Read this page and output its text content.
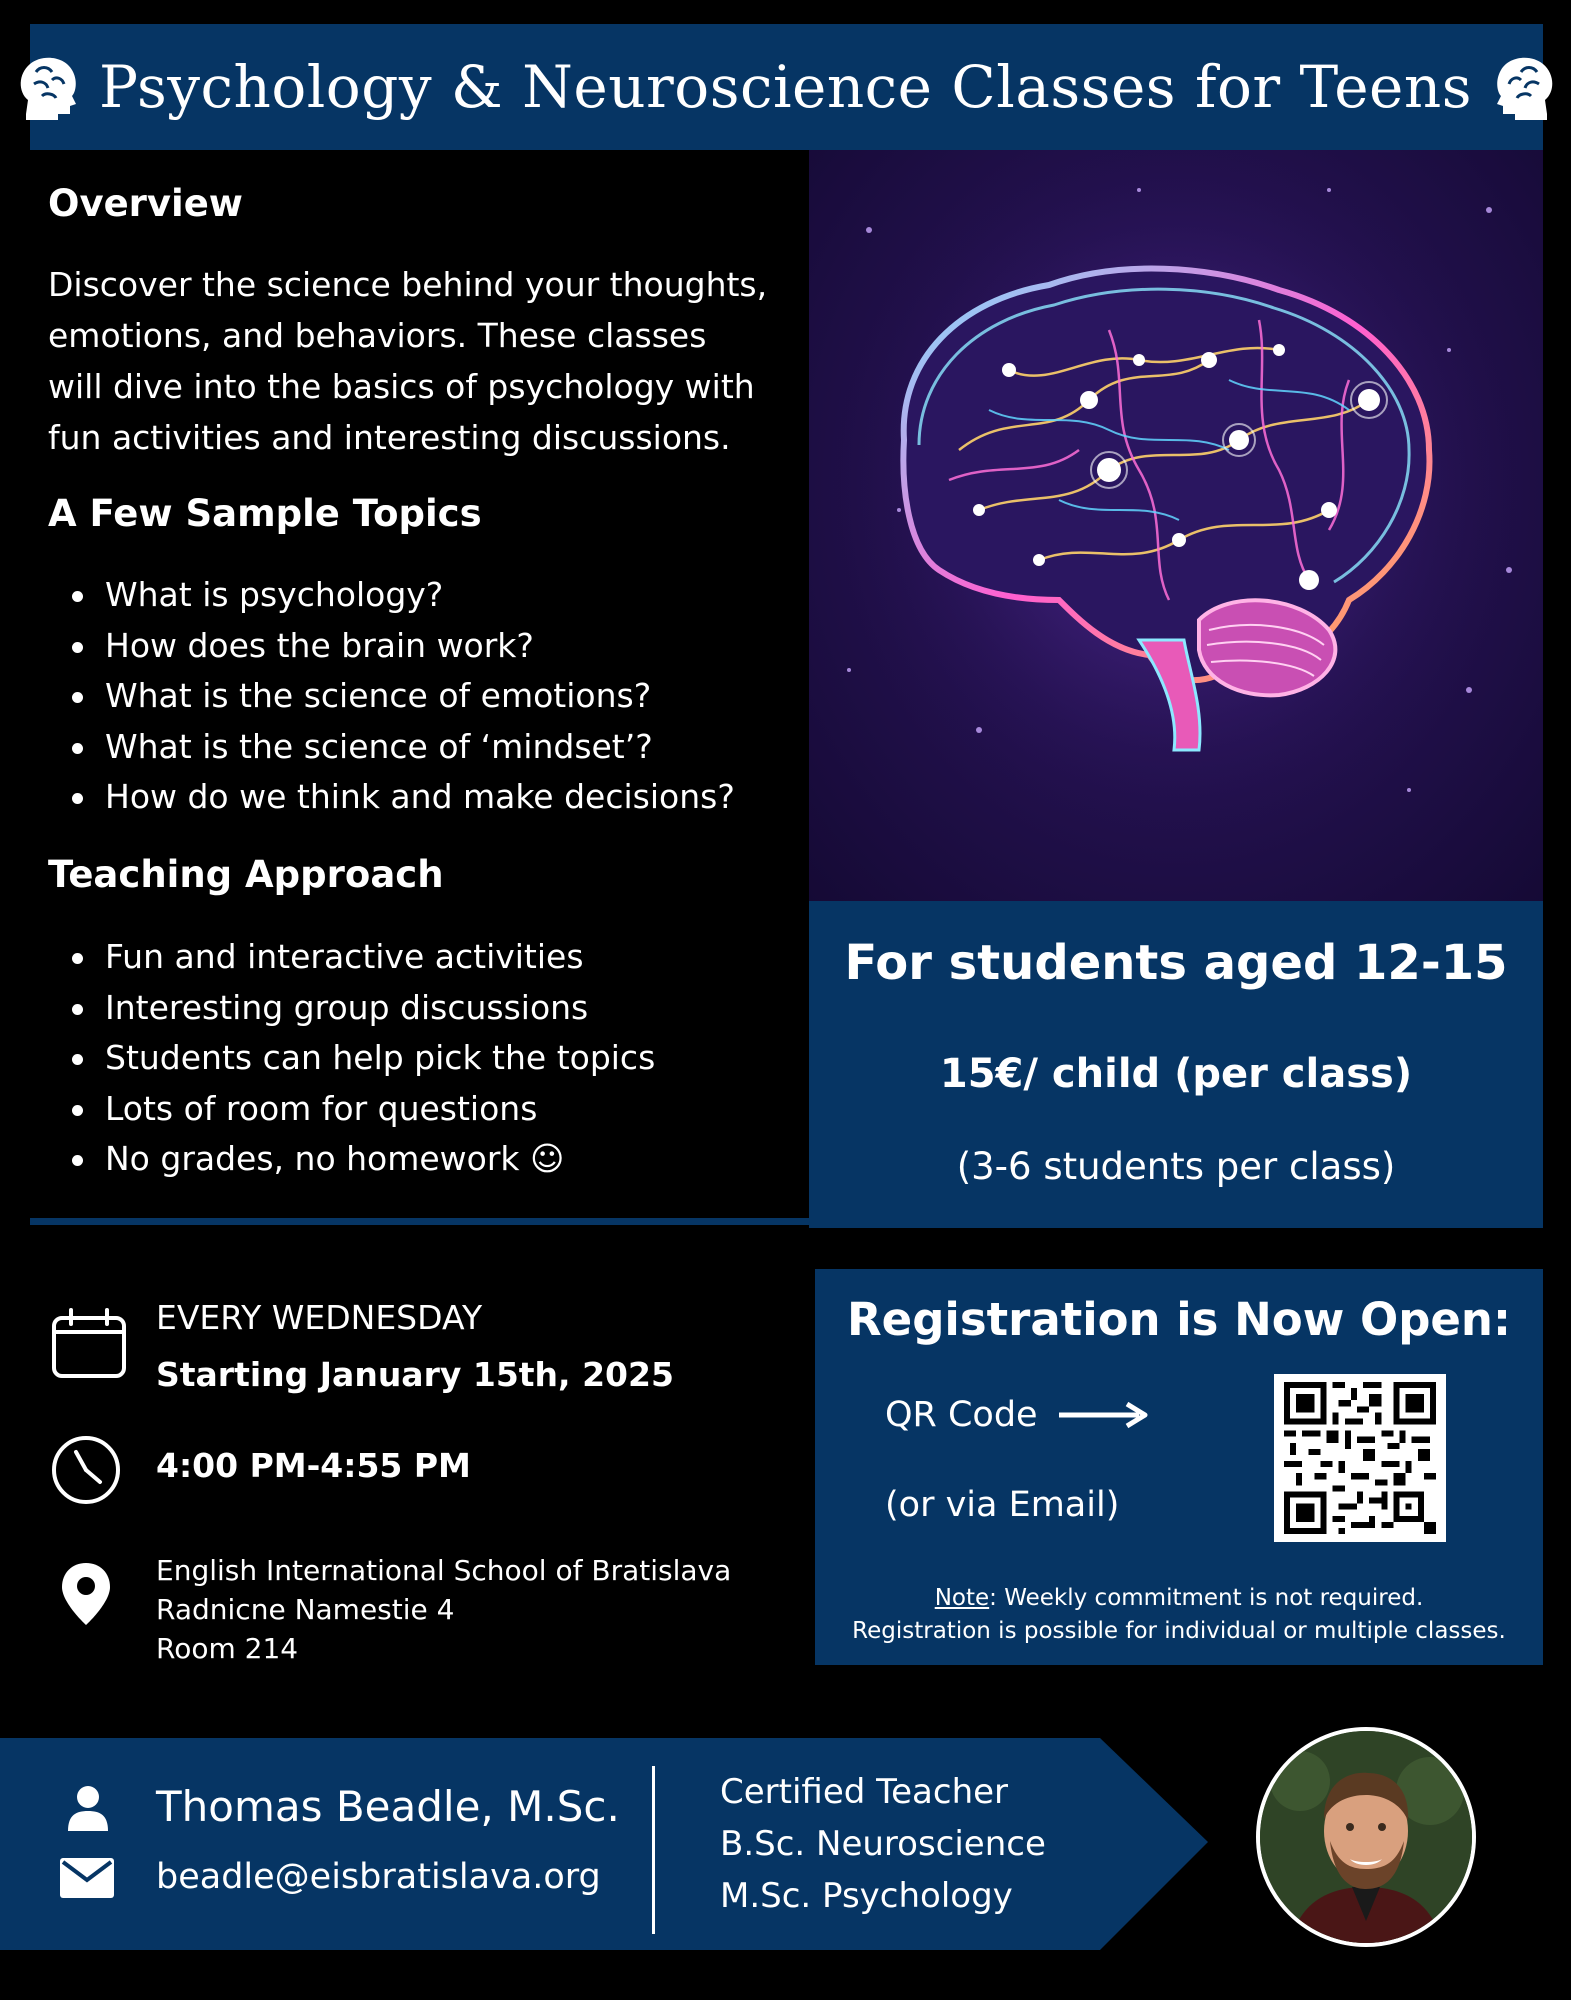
Psychology & Neuroscience Classes for Teens
Overview
Discover the science behind your thoughts,
emotions, and behaviors. These classes
will dive into the basics of psychology with
fun activities and interesting discussions.
A Few Sample Topics
What is psychology?
How does the brain work?
What is the science of emotions?
What is the science of ‘mindset’?
How do we think and make decisions?
Teaching Approach
Fun and interactive activities
Interesting group discussions
Students can help pick the topics
Lots of room for questions
No grades, no homework ☺
For students aged 12-15
15€/ child (per class)
(3-6 students per class)
EVERY WEDNESDAY
Starting January 15th, 2025
4:00 PM-4:55 PM
English International School of Bratislava
Radnicne Namestie 4
Room 214
Registration is Now Open:
QR Code
(or via Email)
Note: Weekly commitment is not required.
Registration is possible for individual or multiple classes.
Thomas Beadle, M.Sc.
beadle@eisbratislava.org
Certified Teacher
B.Sc. Neuroscience
M.Sc. Psychology
